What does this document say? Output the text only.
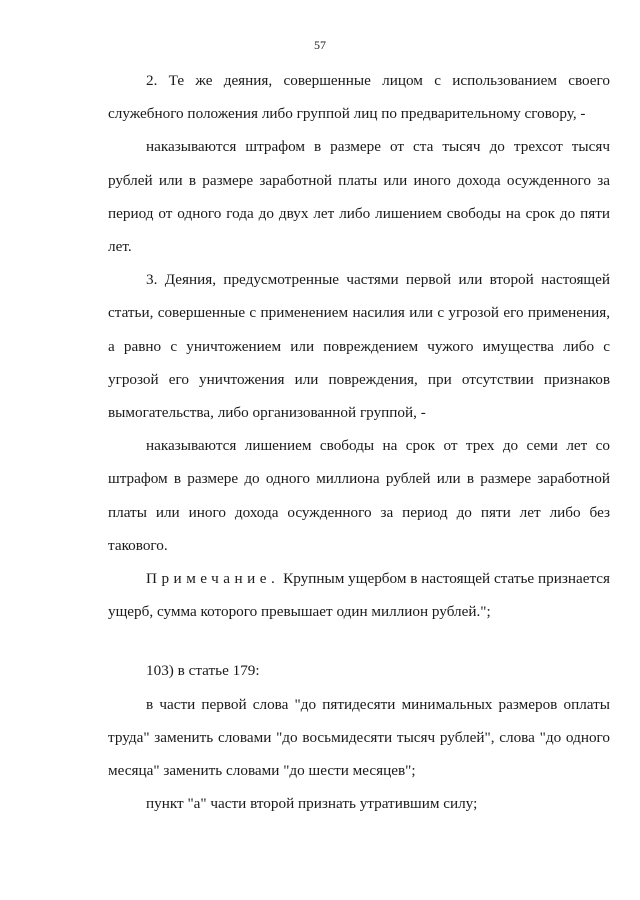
57

2. Те же деяния, совершенные лицом с использованием своего служебного положения либо группой лиц по предварительному сговору, -

наказываются штрафом в размере от ста тысяч до трехсот тысяч рублей или в размере заработной платы или иного дохода осужденного за период от одного года до двух лет либо лишением свободы на срок до пяти лет.

3. Деяния, предусмотренные частями первой или второй настоящей статьи, совершенные с применением насилия или с угрозой его применения, а равно с уничтожением или повреждением чужого имущества либо с угрозой его уничтожения или повреждения, при отсутствии признаков вымогательства, либо организованной группой, -

наказываются лишением свободы на срок от трех до семи лет со штрафом в размере до одного миллиона рублей или в размере заработной платы или иного дохода осужденного за период до пяти лет либо без такового.

Примечание. Крупным ущербом в настоящей статье признается ущерб, сумма которого превышает один миллион рублей.";

103) в статье 179:

в части первой слова "до пятидесяти минимальных размеров оплаты труда" заменить словами "до восьмидесяти тысяч рублей", слова "до одного месяца" заменить словами "до шести месяцев";

пункт "а" части второй признать утратившим силу;
